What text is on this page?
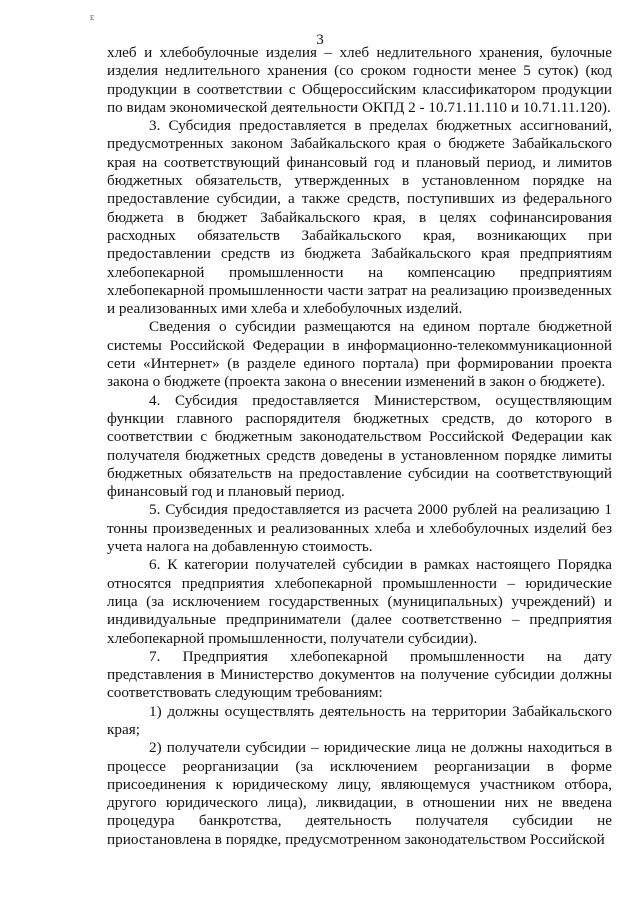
Е
3

хлеб и хлебобулочные изделия – хлеб недлительного хранения, булочные изделия недлительного хранения (со сроком годности менее 5 суток) (код продукции в соответствии с Общероссийским классификатором продукции по видам экономической деятельности ОКПД 2 - 10.71.11.110 и 10.71.11.120).

3. Субсидия предоставляется в пределах бюджетных ассигнований, предусмотренных законом Забайкальского края о бюджете Забайкальского края на соответствующий финансовый год и плановый период, и лимитов бюджетных обязательств, утвержденных в установленном порядке на предоставление субсидии, а также средств, поступивших из федерального бюджета в бюджет Забайкальского края, в целях софинансирования расходных обязательств Забайкальского края, возникающих при предоставлении средств из бюджета Забайкальского края предприятиям хлебопекарной промышленности на компенсацию предприятиям хлебопекарной промышленности части затрат на реализацию произведенных и реализованных ими хлеба и хлебобулочных изделий.

Сведения о субсидии размещаются на едином портале бюджетной системы Российской Федерации в информационно-телекоммуникационной сети «Интернет» (в разделе единого портала) при формировании проекта закона о бюджете (проекта закона о внесении изменений в закон о бюджете).

4. Субсидия предоставляется Министерством, осуществляющим функции главного распорядителя бюджетных средств, до которого в соответствии с бюджетным законодательством Российской Федерации как получателя бюджетных средств доведены в установленном порядке лимиты бюджетных обязательств на предоставление субсидии на соответствующий финансовый год и плановый период.

5. Субсидия предоставляется из расчета 2000 рублей на реализацию 1 тонны произведенных и реализованных хлеба и хлебобулочных изделий без учета налога на добавленную стоимость.

6. К категории получателей субсидии в рамках настоящего Порядка относятся предприятия хлебопекарной промышленности – юридические лица (за исключением государственных (муниципальных) учреждений) и индивидуальные предприниматели (далее соответственно – предприятия хлебопекарной промышленности, получатели субсидии).

7. Предприятия хлебопекарной промышленности на дату представления в Министерство документов на получение субсидии должны соответствовать следующим требованиям:

1) должны осуществлять деятельность на территории Забайкальского края;

2) получатели субсидии – юридические лица не должны находиться в процессе реорганизации (за исключением реорганизации в форме присоединения к юридическому лицу, являющемуся участником отбора, другого юридического лица), ликвидации, в отношении них не введена процедура банкротства, деятельность получателя субсидии не приостановлена в порядке, предусмотренном законодательством Российской
